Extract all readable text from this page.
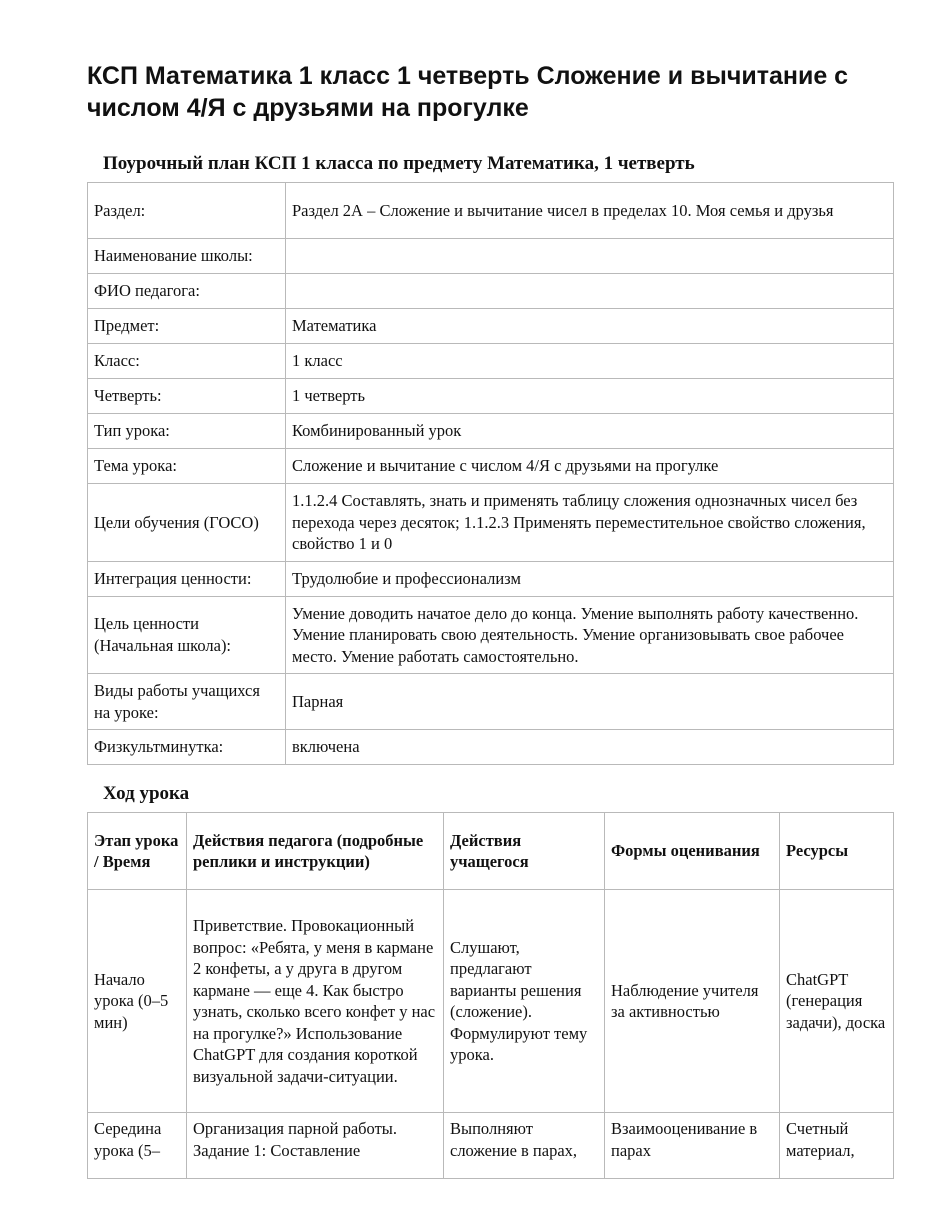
КСП Математика 1 класс 1 четверть Сложение и вычитание с числом 4/Я с друзьями на прогулке
Поурочный план КСП 1 класса по предмету Математика, 1 четверть
Раздел:	Раздел 2А – Сложение и вычитание чисел в пределах 10. Моя семья и друзья
Наименование школы:	
ФИО педагога:	
Предмет:	Математика
Класс:	1 класс
Четверть:	1 четверть
Тип урока:	Комбинированный урок
Тема урока:	Сложение и вычитание с числом 4/Я с друзьями на прогулке
Цели обучения (ГОСО)	1.1.2.4 Составлять, знать и применять таблицу сложения однозначных чисел без перехода через десяток; 1.1.2.3 Применять переместительное свойство сложения, свойство 1 и 0
Интеграция ценности:	Трудолюбие и профессионализм
Цель ценности (Начальная школа):	Умение доводить начатое дело до конца. Умение выполнять работу качественно. Умение планировать свою деятельность. Умение организовывать свое рабочее место. Умение работать самостоятельно.
Виды работы учащихся на уроке:	Парная
Физкультминутка:	включена
Ход урока
Этап урока / Время	Действия педагога (подробные реплики и инструкции)	Действия учащегося	Формы оценивания	Ресурсы
Начало урока (0–5 мин)	Приветствие. Провокационный вопрос: «Ребята, у меня в кармане 2 конфеты, а у друга в другом кармане — еще 4. Как быстро узнать, сколько всего конфет у нас на прогулке?» Использование ChatGPT для создания короткой визуальной задачи-ситуации.	Слушают, предлагают варианты решения (сложение). Формулируют тему урока.	Наблюдение учителя за активностью	ChatGPT (генерация задачи), доска

Середина урока (5–	Организация парной работы. Задание 1: Составление	Выполняют сложение в парах,	Взаимооценивание в парах	Счетный материал,
